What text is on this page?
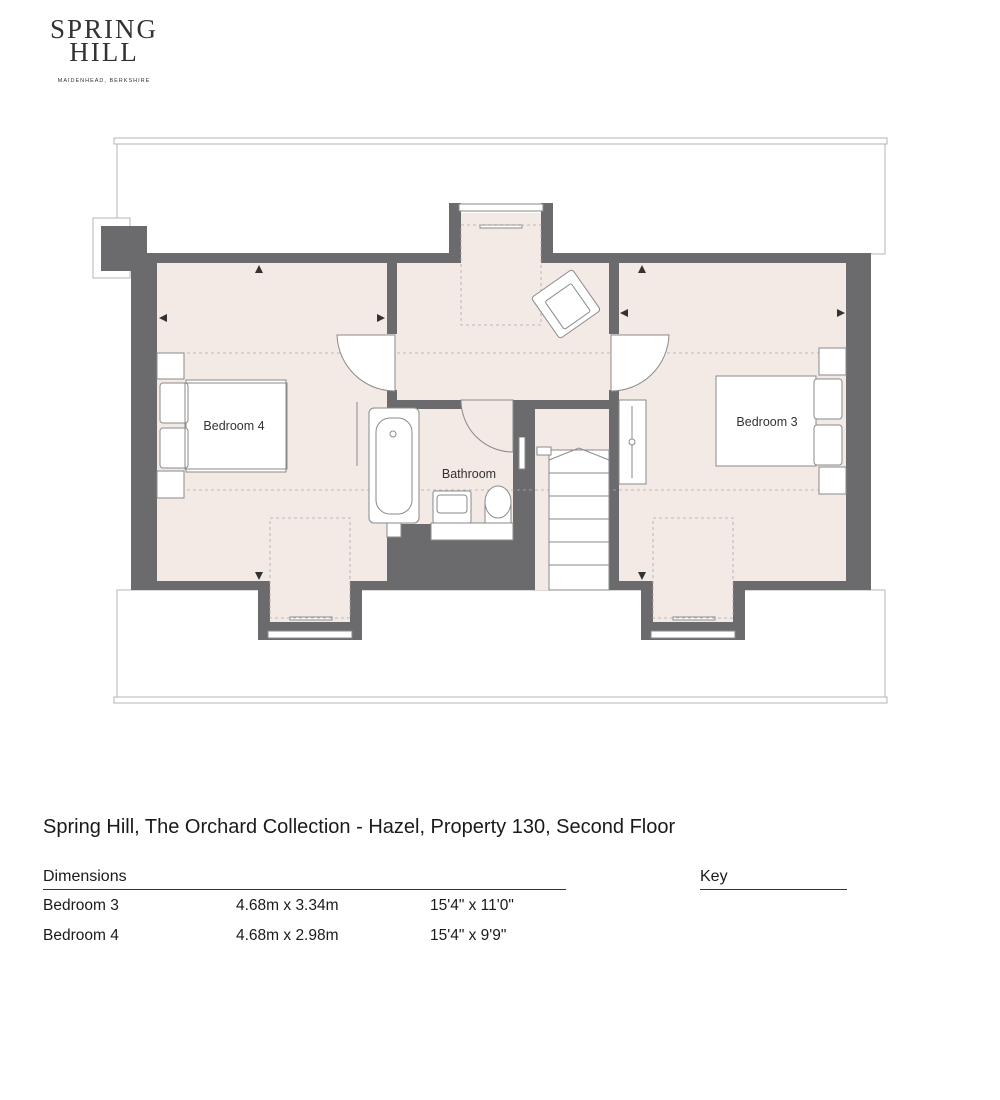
SPRING
HILL
MAIDENHEAD, BERKSHIRE
Bedroom 4	Bedroom 3
Bathroom
Spring Hill, The Orchard Collection - Hazel, Property 130, Second Floor
Dimensions
Bedroom 3	4.68m x 3.34m	15'4" x 11'0"
Bedroom 4	4.68m x 2.98m	15'4" x 9'9"
Key
